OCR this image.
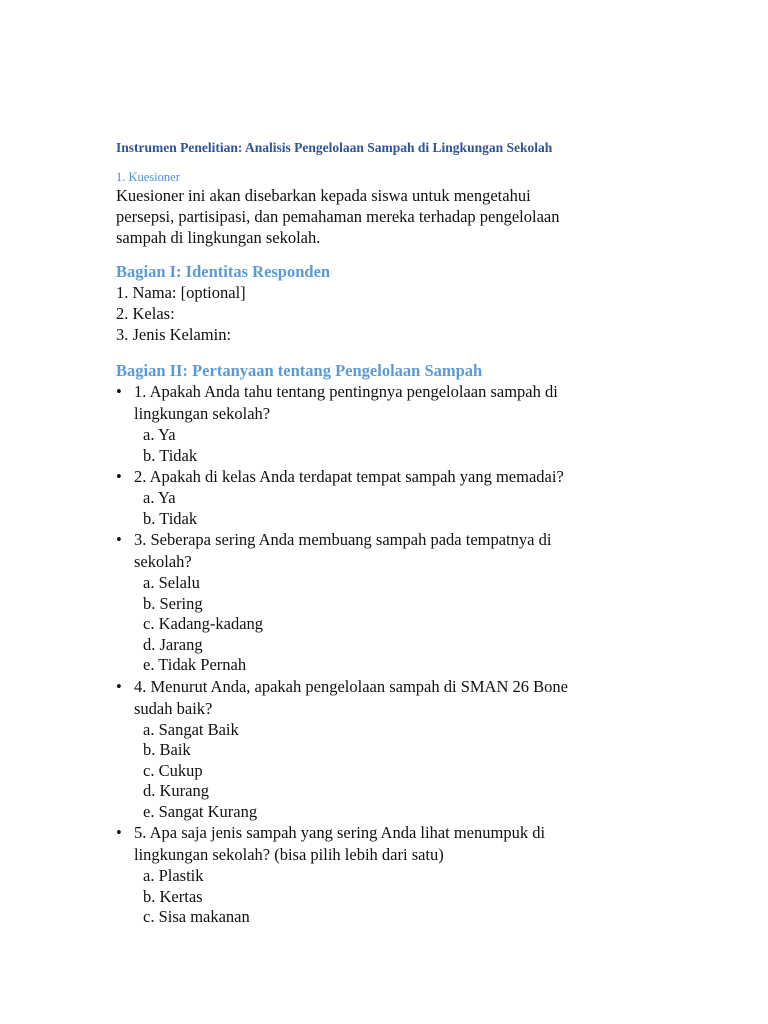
Instrumen Penelitian: Analisis Pengelolaan Sampah di Lingkungan Sekolah

1. Kuesioner

Kuesioner ini akan disebarkan kepada siswa untuk mengetahui persepsi, partisipasi, dan pemahaman mereka terhadap pengelolaan sampah di lingkungan sekolah.

Bagian I: Identitas Responden

1. Nama: [optional]

2. Kelas:

3. Jenis Kelamin:

Bagian II: Pertanyaan tentang Pengelolaan Sampah

• 1. Apakah Anda tahu tentang pentingnya pengelolaan sampah di lingkungan sekolah?

a. Ya
b. Tidak

• 2. Apakah di kelas Anda terdapat tempat sampah yang memadai?

a. Ya
b. Tidak

• 3. Seberapa sering Anda membuang sampah pada tempatnya di sekolah?

a. Selalu
b. Sering
c. Kadang-kadang
d. Jarang
e. Tidak Pernah

• 4. Menurut Anda, apakah pengelolaan sampah di SMAN 26 Bone sudah baik?

a. Sangat Baik
b. Baik
c. Cukup
d. Kurang
e. Sangat Kurang

• 5. Apa saja jenis sampah yang sering Anda lihat menumpuk di lingkungan sekolah? (bisa pilih lebih dari satu)

a. Plastik
b. Kertas
c. Sisa makanan
